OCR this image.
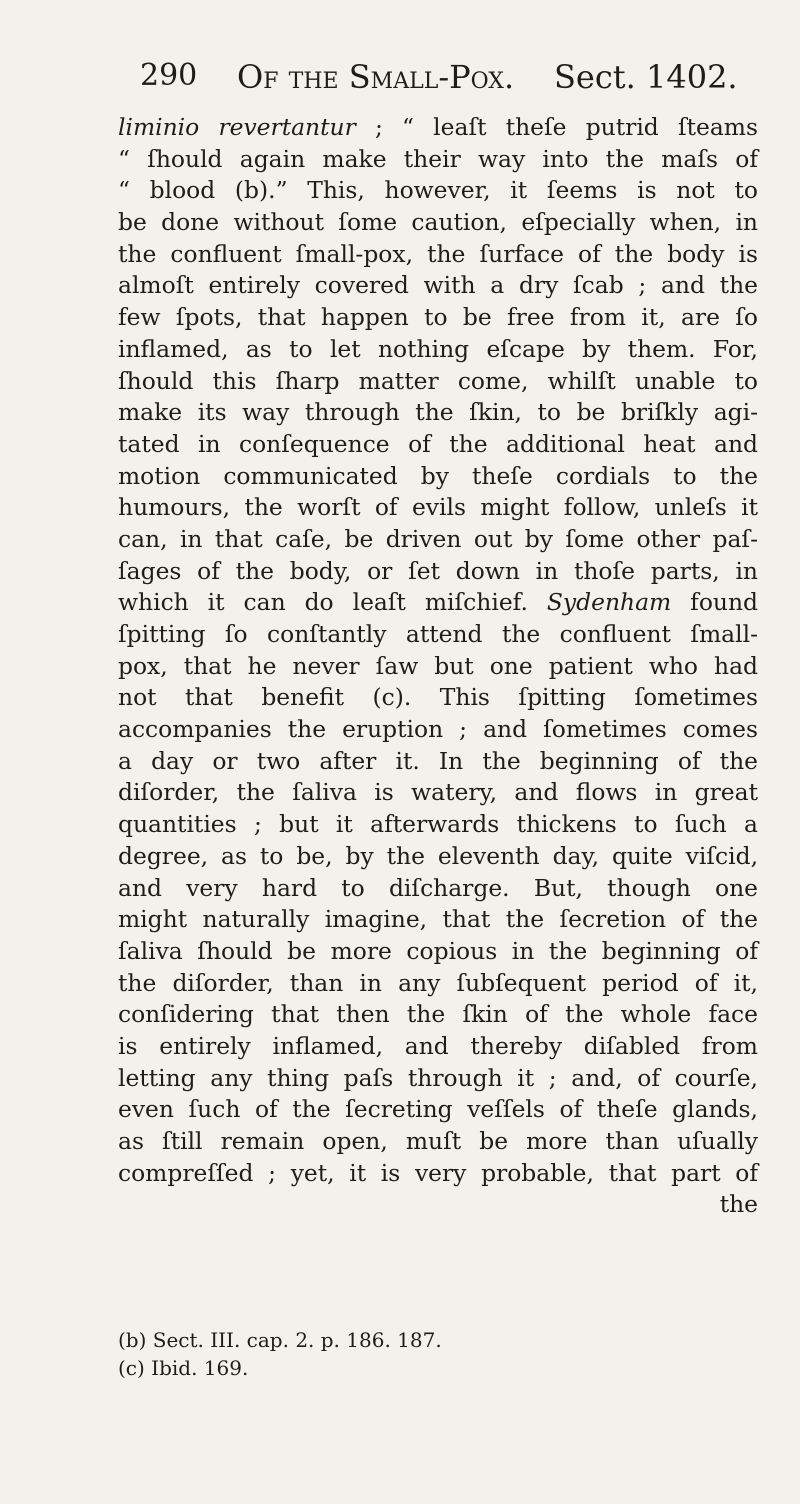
290 Of the Small-Pox. Sect. 1402.
liminio revertantur ; “ leaſt theſe putrid ſteams
“ ſhould again make their way into the maſs of
“ blood (b).” This, however, it ſeems is not to
be done without ſome caution, eſpecially when, in
the confluent ſmall-pox, the ſurface of the body is
almoſt entirely covered with a dry ſcab ; and the
few ſpots, that happen to be free from it, are ſo
inflamed, as to let nothing eſcape by them. For,
ſhould this ſharp matter come, whilſt unable to
make its way through the ſkin, to be briſkly agi-
tated in conſequence of the additional heat and
motion communicated by theſe cordials to the
humours, the worſt of evils might follow, unleſs it
can, in that caſe, be driven out by ſome other paſ-
ſages of the body, or ſet down in thoſe parts, in
which it can do leaſt miſchief. Sydenham found
ſpitting ſo conſtantly attend the confluent ſmall-
pox, that he never ſaw but one patient who had
not that benefit (c). This ſpitting ſometimes
accompanies the eruption ; and ſometimes comes
a day or two after it. In the beginning of the
diſorder, the ſaliva is watery, and flows in great
quantities ; but it afterwards thickens to ſuch a
degree, as to be, by the eleventh day, quite viſcid,
and very hard to diſcharge. But, though one
might naturally imagine, that the ſecretion of the
ſaliva ſhould be more copious in the beginning of
the diſorder, than in any ſubſequent period of it,
conſidering that then the ſkin of the whole face
is entirely inflamed, and thereby diſabled from
letting any thing paſs through it ; and, of courſe,
even ſuch of the ſecreting veſſels of theſe glands,
as ſtill remain open, muſt be more than uſually
compreſſed ; yet, it is very probable, that part of
the
(b) Sect. III. cap. 2. p. 186. 187.
(c) Ibid. 169.
